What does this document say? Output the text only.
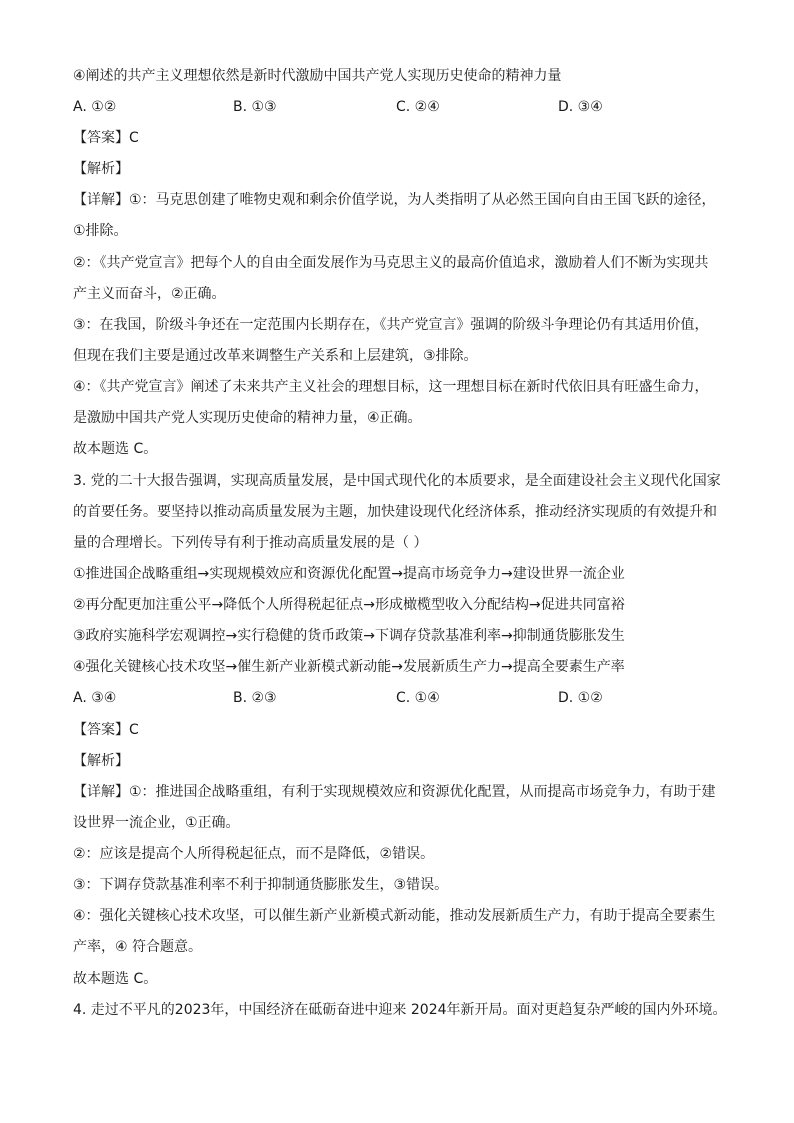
④阐述的共产主义理想依然是新时代激励中国共产党人实现历史使命的精神力量
A. ①②	B. ①③	C. ②④	D. ③④
【答案】C
【解析】
【详解】①：马克思创建了唯物史观和剩余价值学说，为人类指明了从必然王国向自由王国飞跃的途径，
①排除。
②：《共产党宣言》把每个人的自由全面发展作为马克思主义的最高价值追求，激励着人们不断为实现共
产主义而奋斗，②正确。
③：在我国，阶级斗争还在一定范围内长期存在，《共产党宣言》强调的阶级斗争理论仍有其适用价值，
但现在我们主要是通过改革来调整生产关系和上层建筑，③排除。
④：《共产党宣言》阐述了未来共产主义社会的理想目标，这一理想目标在新时代依旧具有旺盛生命力，
是激励中国共产党人实现历史使命的精神力量，④正确。
故本题选 C。
3. 党的二十大报告强调，实现高质量发展，是中国式现代化的本质要求，是全面建设社会主义现代化国家
的首要任务。要坚持以推动高质量发展为主题，加快建设现代化经济体系，推动经济实现质的有效提升和
量的合理增长。下列传导有利于推动高质量发展的是（ ）
①推进国企战略重组→实现规模效应和资源优化配置→提高市场竞争力→建设世界一流企业
②再分配更加注重公平→降低个人所得税起征点→形成橄榄型收入分配结构→促进共同富裕
③政府实施科学宏观调控→实行稳健的货币政策→下调存贷款基准利率→抑制通货膨胀发生
④强化关键核心技术攻坚→催生新产业新模式新动能→发展新质生产力→提高全要素生产率
A. ③④	B. ②③	C. ①④	D. ①②
【答案】C
【解析】
【详解】①：推进国企战略重组，有利于实现规模效应和资源优化配置，从而提高市场竞争力，有助于建
设世界一流企业，①正确。
②：应该是提高个人所得税起征点，而不是降低，②错误。
③：下调存贷款基准利率不利于抑制通货膨胀发生，③错误。
④：强化关键核心技术攻坚，可以催生新产业新模式新动能，推动发展新质生产力，有助于提高全要素生
产率，④ 符合题意。
故本题选 C。
4. 走过不平凡的2023年，中国经济在砥砺奋进中迎来 2024年新开局。面对更趋复杂严峻的国内外环境。
